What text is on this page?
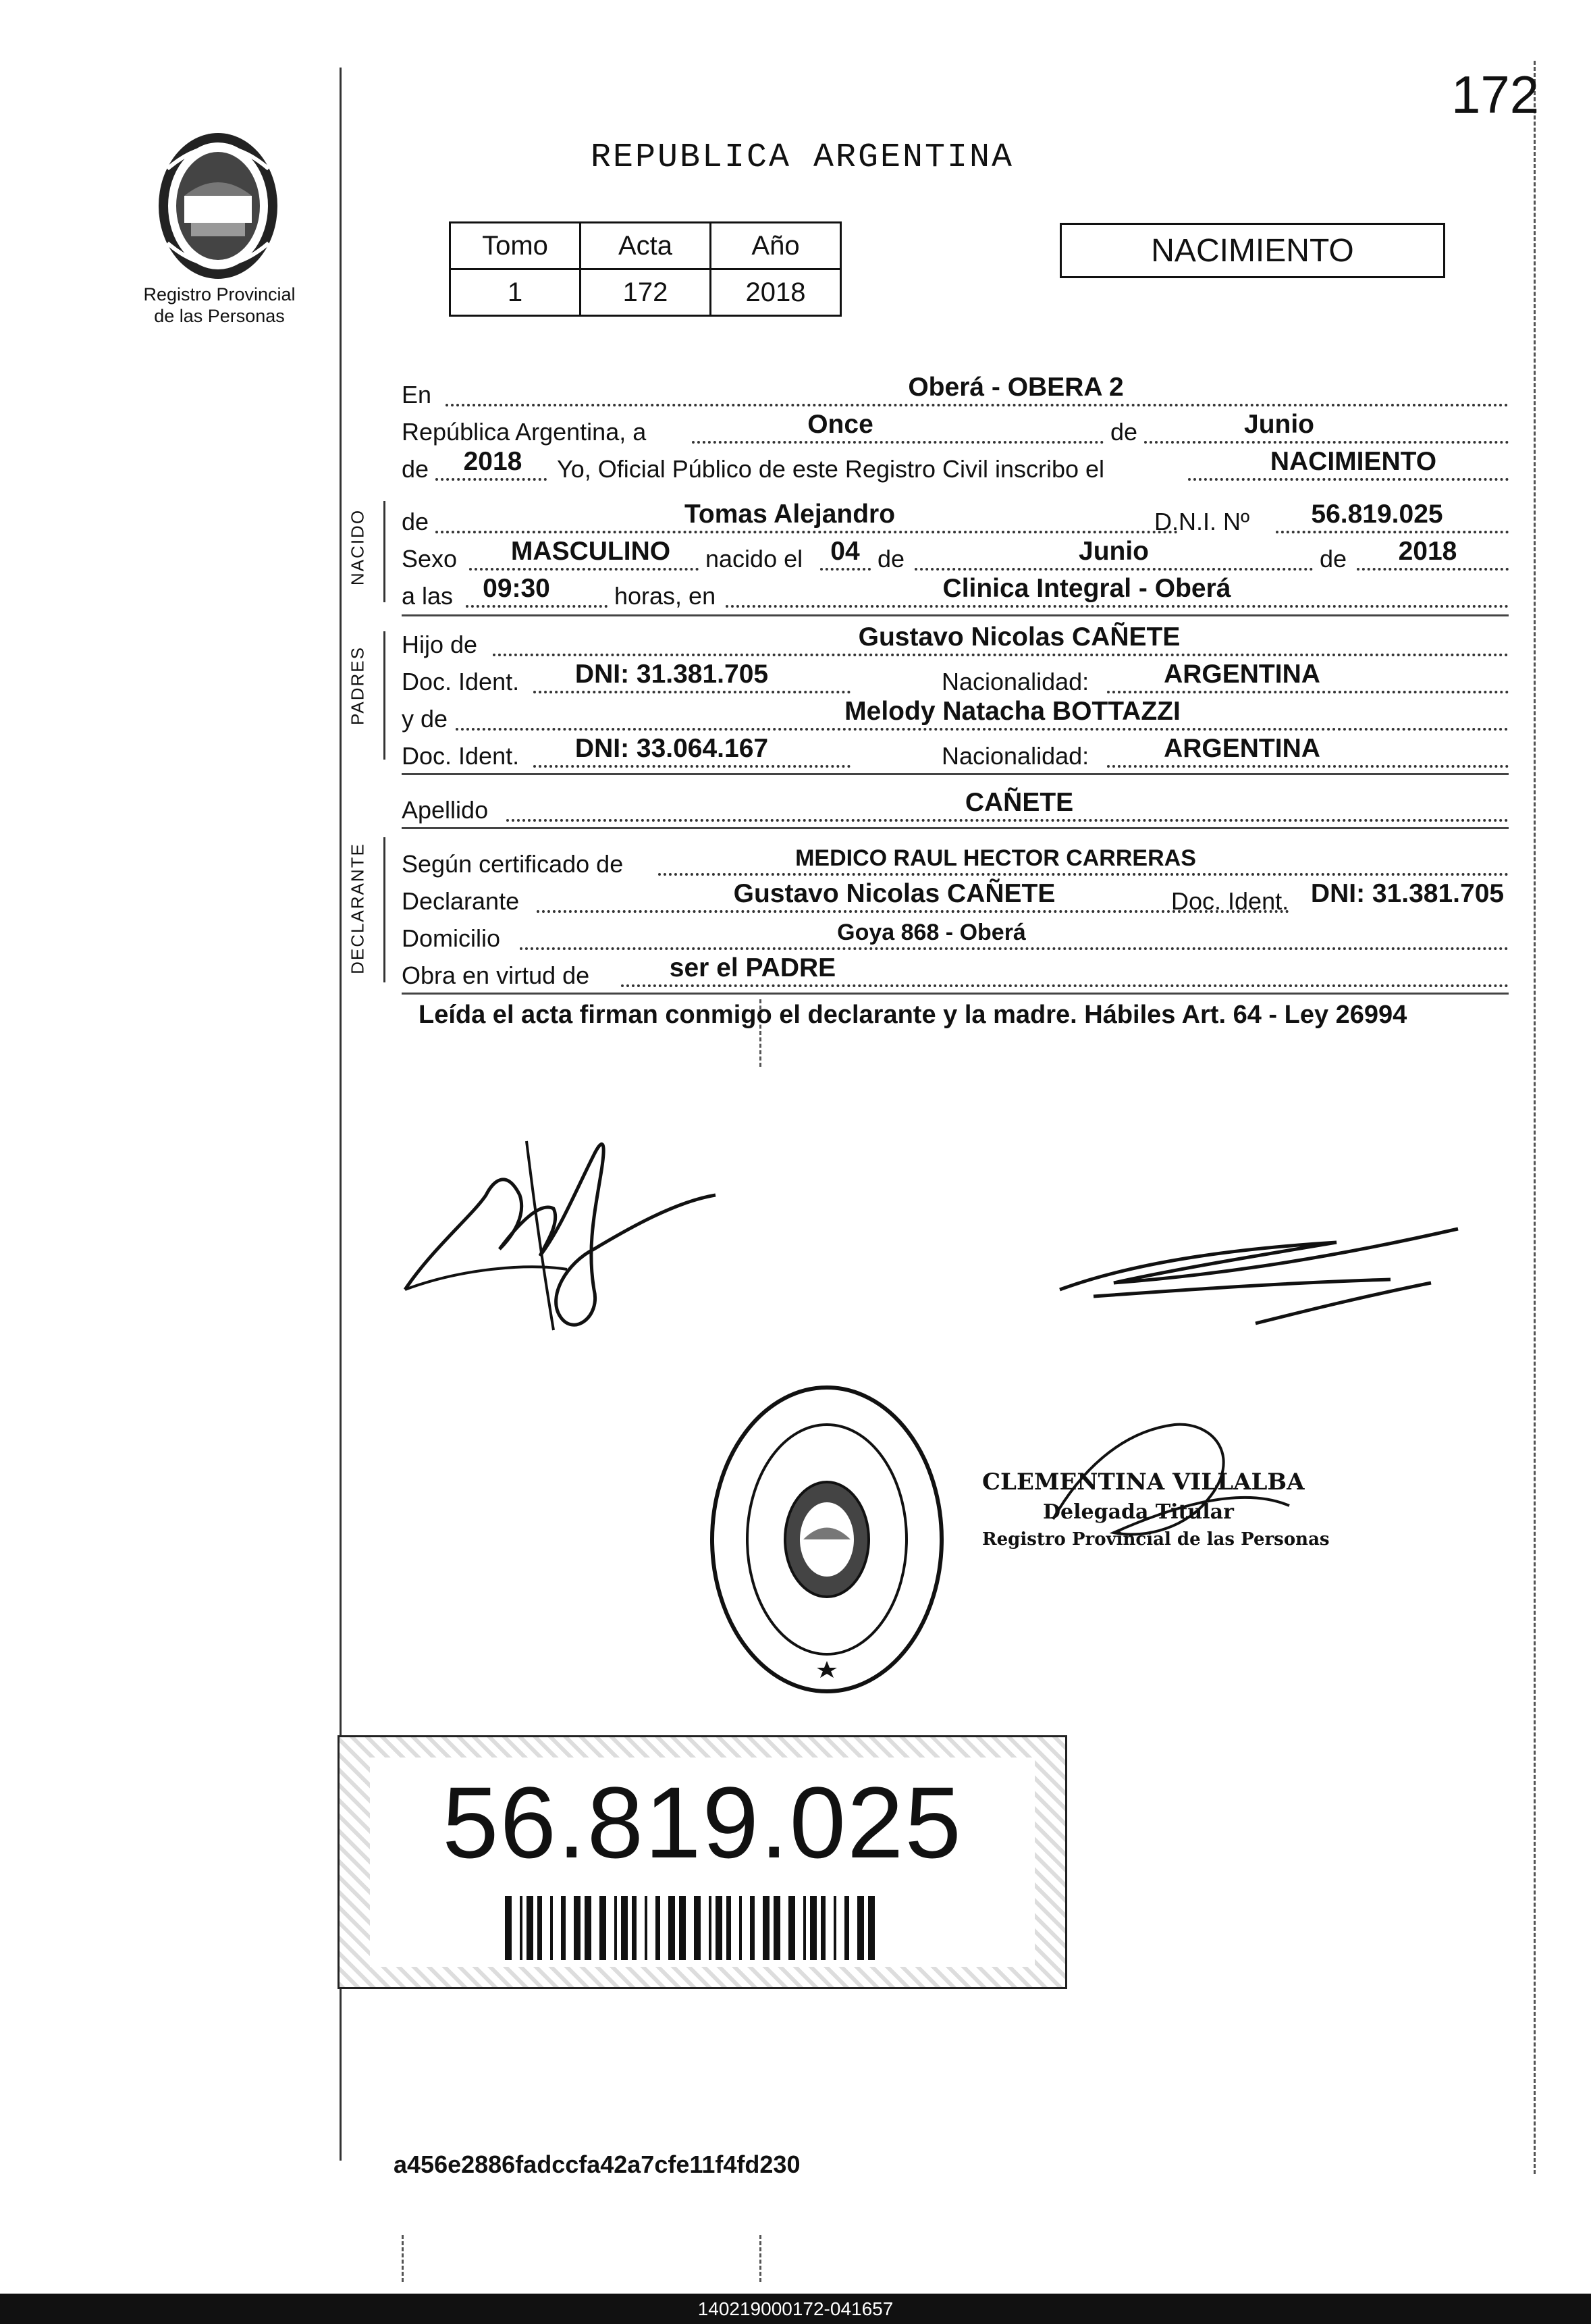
172
REPUBLICA ARGENTINA
Registro Provincial
de las Personas
Tomo	Acta	Año
1	172	2018
NACIMIENTO
NACIDO
PADRES
DECLARANTE
En	Oberá - OBERA 2
República Argentina, a	Once	de	Junio
de 2018 Yo, Oficial Público de este Registro Civil inscribo el	NACIMIENTO
de	Tomas Alejandro	D.N.I. Nº 56.819.025
Sexo MASCULINO nacido el 04 de	Junio	de 2018
a las 09:30	horas, en	Clinica Integral - Oberá
Hijo de	Gustavo Nicolas CAÑETE
Doc. Ident. DNI: 31.381.705	Nacionalidad:	ARGENTINA
y de	Melody Natacha BOTTAZZI
Doc. Ident. DNI: 33.064.167	Nacionalidad:	ARGENTINA
Apellido	CAÑETE
Según certificado de	MEDICO RAUL HECTOR CARRERAS
Declarante	Gustavo Nicolas CAÑETE	Doc. Ident. DNI: 31.381.705
Domicilio	Goya 868 - Oberá
Obra en virtud de	ser el PADRE
Leída el acta firman conmigo el declarante y la madre. Hábiles Art. 64 - Ley 26994
CLEMENTINA VILLALBA
Delegada Titular
Registro Provincial de las Personas
56.819.025
a456e2886fadccfa42a7cfe11f4fd230
140219000172-041657
